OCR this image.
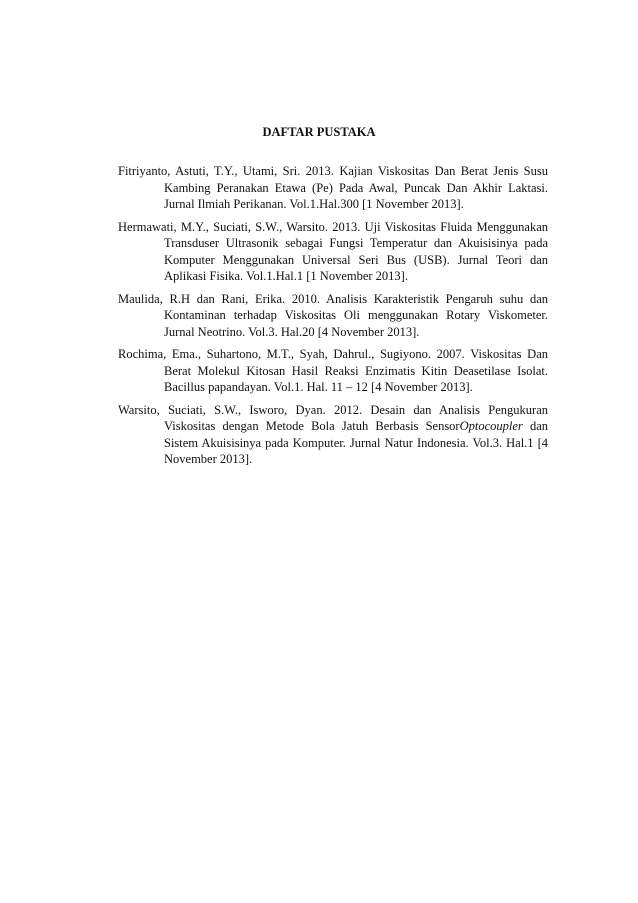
DAFTAR PUSTAKA
Fitriyanto, Astuti, T.Y., Utami, Sri. 2013. Kajian Viskositas Dan Berat Jenis Susu Kambing Peranakan Etawa (Pe) Pada Awal, Puncak Dan Akhir Laktasi. Jurnal Ilmiah Perikanan. Vol.1.Hal.300 [1 November 2013].
Hermawati, M.Y., Suciati, S.W., Warsito. 2013. Uji Viskositas Fluida Menggunakan Transduser Ultrasonik sebagai Fungsi Temperatur dan Akuisisinya pada Komputer Menggunakan Universal Seri Bus (USB). Jurnal Teori dan Aplikasi Fisika. Vol.1.Hal.1 [1 November 2013].
Maulida, R.H dan Rani, Erika. 2010. Analisis Karakteristik Pengaruh suhu dan Kontaminan terhadap Viskositas Oli menggunakan Rotary Viskometer. Jurnal Neotrino. Vol.3. Hal.20 [4 November 2013].
Rochima, Ema., Suhartono, M.T., Syah, Dahrul., Sugiyono. 2007. Viskositas Dan Berat Molekul Kitosan Hasil Reaksi Enzimatis Kitin Deasetilase Isolat. Bacillus papandayan. Vol.1. Hal. 11 – 12 [4 November 2013].
Warsito, Suciati, S.W., Isworo, Dyan. 2012. Desain dan Analisis Pengukuran Viskositas dengan Metode Bola Jatuh Berbasis SensorOptocoupler dan Sistem Akuisisinya pada Komputer. Jurnal Natur Indonesia. Vol.3. Hal.1 [4 November 2013].
